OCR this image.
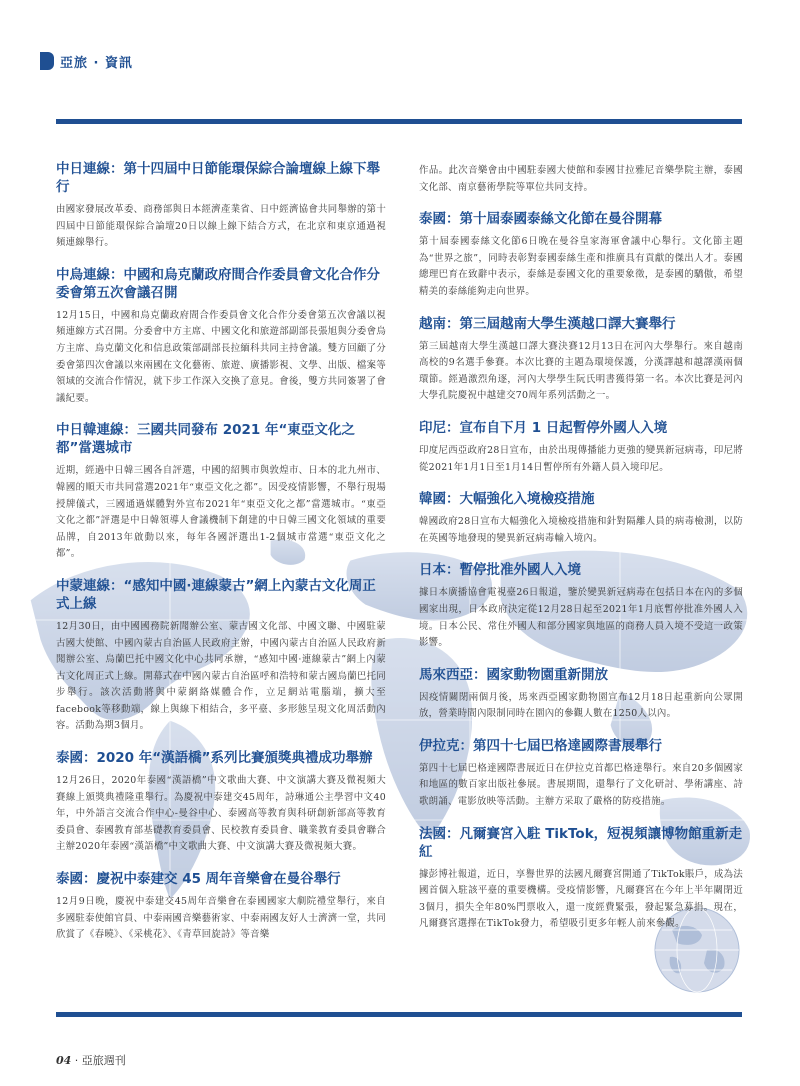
亞旅 · 資訊
中日連線：第十四屆中日節能環保綜合論壇線上線下舉行

由國家發展改革委、商務部與日本經濟產業省、日中經濟協會共同舉辦的第十四屆中日節能環保綜合論壇20日以線上線下結合方式，在北京和東京通過視頻連線舉行。

中烏連線：中國和烏克蘭政府間合作委員會文化合作分委會第五次會議召開

12月15日，中國和烏克蘭政府間合作委員會文化合作分委會第五次會議以視頻連線方式召開。分委會中方主席、中國文化和旅遊部副部長張旭與分委會烏方主席、烏克蘭文化和信息政策部副部長拉緬科共同主持會議。雙方回顧了分委會第四次會議以來兩國在文化藝術、旅遊、廣播影視、文學、出版、檔案等領域的交流合作情況，就下步工作深入交換了意見。會後，雙方共同簽署了會議紀要。

中日韓連線：三國共同發布 2021 年“東亞文化之都”當選城市

近期，經過中日韓三國各自評選，中國的紹興市與敦煌市、日本的北九州市、韓國的順天市共同當選2021年“東亞文化之都”。因受疫情影響，不舉行現場授牌儀式，三國通過媒體對外宣布2021年“東亞文化之都”當選城市。“東亞文化之都”評選是中日韓領導人會議機制下創建的中日韓三國文化領域的重要品牌，自2013年啟動以來，每年各國評選出1-2個城市當選“東亞文化之都”。

中蒙連線：“感知中國·連線蒙古”網上內蒙古文化周正式上線

12月30日，由中國國務院新聞辦公室、蒙古國文化部、中國文聯、中國駐蒙古國大使館、中國內蒙古自治區人民政府主辦，中國內蒙古自治區人民政府新聞辦公室、烏蘭巴托中國文化中心共同承辦，“感知中國·連線蒙古”網上內蒙古文化周正式上線。開幕式在中國內蒙古自治區呼和浩特和蒙古國烏蘭巴托同步舉行。該次活動將與中蒙網絡媒體合作，立足網站電腦端，擴大至facebook等移動端，線上與線下相結合，多平臺、多形態呈現文化周活動內容。活動為期3個月。

泰國：2020 年“漢語橋”系列比賽頒獎典禮成功舉辦

12月26日，2020年泰國“漢語橋”中文歌曲大賽、中文演講大賽及微視頻大賽線上頒獎典禮隆重舉行。為慶祝中泰建交45周年，詩琳通公主學習中文40年，中外語言交流合作中心-曼谷中心、泰國高等教育與科研創新部高等教育委員會、泰國教育部基礎教育委員會、民校教育委員會、職業教育委員會聯合主辦2020年泰國“漢語橋”中文歌曲大賽、中文演講大賽及微視頻大賽。

泰國：慶祝中泰建交 45 周年音樂會在曼谷舉行

12月9日晚，慶祝中泰建交45周年音樂會在泰國國家大劇院禮堂舉行，來自多國駐泰使館官員、中泰兩國音樂藝術家、中泰兩國友好人士濟濟一堂，共同欣賞了《春曉》、《采桃花》、《青草回旋詩》等音樂

作品。此次音樂會由中國駐泰國大使館和泰國甘拉雅尼音樂學院主辦，泰國文化部、南京藝術學院等單位共同支持。

泰國：第十屆泰國泰絲文化節在曼谷開幕

第十屆泰國泰絲文化節6日晚在曼谷皇家海軍會議中心舉行。文化節主題為“世界之旅”，同時表彰對泰國泰絲生產和推廣具有貢獻的傑出人才。泰國總理巴育在致辭中表示，泰絲是泰國文化的重要象徵，是泰國的驕傲，希望精美的泰絲能夠走向世界。

越南：第三屆越南大學生漢越口譯大賽舉行

第三屆越南大學生漢越口譯大賽決賽12月13日在河內大學舉行。來自越南高校的9名選手參賽。本次比賽的主題為環境保護，分漢譯越和越譯漢兩個環節。經過激烈角逐，河內大學學生阮氏明書獲得第一名。本次比賽是河內大學孔院慶祝中越建交70周年系列活動之一。

印尼：宣布自下月 1 日起暫停外國人入境

印度尼西亞政府28日宣布，由於出現傳播能力更強的變異新冠病毒，印尼將從2021年1月1日至1月14日暫停所有外籍人員入境印尼。

韓國：大幅強化入境檢疫措施

韓國政府28日宣布大幅強化入境檢疫措施和針對隔離人員的病毒檢測，以防在英國等地發現的變異新冠病毒輸入境內。

日本：暫停批准外國人入境

據日本廣播協會電視臺26日報道，鑒於變異新冠病毒在包括日本在內的多個國家出現，日本政府決定從12月28日起至2021年1月底暫停批准外國人入境。日本公民、常住外國人和部分國家與地區的商務人員入境不受這一政策影響。

馬來西亞：國家動物園重新開放

因疫情關閉兩個月後，馬來西亞國家動物園宣布12月18日起重新向公眾開放，營業時間內限制同時在園內的參觀人數在1250人以內。

伊拉克：第四十七屆巴格達國際書展舉行

第四十七屆巴格達國際書展近日在伊拉克首都巴格達舉行。來自20多個國家和地區的數百家出版社參展。書展期間，還舉行了文化研討、學術講座、詩歌朗誦、電影放映等活動。主辦方采取了嚴格的防疫措施。

法國：凡爾賽宮入駐 TikTok，短視頻讓博物館重新走紅

據彭博社報道，近日，享譽世界的法國凡爾賽宮開通了TikTok賬戶，成為法國首個入駐該平臺的重要機構。受疫情影響，凡爾賽宮在今年上半年關閉近3個月，損失全年80%門票收入，還一度經費緊張，發起緊急募捐。現在，凡爾賽宮選擇在TikTok發力，希望吸引更多年輕人前來參觀。

04 · 亞旅週刊
